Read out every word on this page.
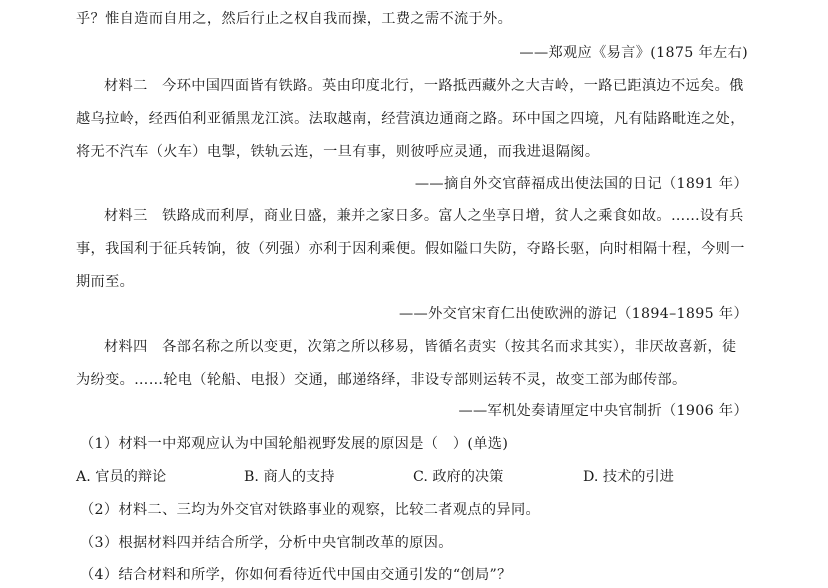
乎？惟自造而自用之，然后行止之权自我而操，工费之需不流于外。
——郑观应《易言》(1875 年左右)
材料二　今环中国四面皆有铁路。英由印度北行，一路抵西藏外之大吉岭，一路已距滇边不远矣。俄
越乌拉岭，经西伯利亚循黑龙江滨。法取越南，经营滇边通商之路。环中国之四境，凡有陆路毗连之处，
将无不汽车（火车）电掣，铁轨云连，一旦有事，则彼呼应灵通，而我进退隔阂。
——摘自外交官薛福成出使法国的日记（1891 年）
材料三　铁路成而利厚，商业日盛，兼并之家日多。富人之坐享日增，贫人之乘食如故。……设有兵
事，我国利于征兵转饷，彼（列强）亦利于因利乘便。假如隘口失防，夺路长驱，向时相隔十程，今则一
期而至。
——外交官宋育仁出使欧洲的游记（1894–1895 年）
材料四　各部名称之所以变更，次第之所以移易，皆循名责实（按其名而求其实），非厌故喜新，徒
为纷变。……轮电（轮船、电报）交通，邮递络绎，非设专部则运转不灵，故变工部为邮传部。
——军机处奏请厘定中央官制折（1906 年）
（1）材料一中郑观应认为中国轮船视野发展的原因是（　）(单选)
A. 官员的辩论	B. 商人的支持	C. 政府的决策	D. 技术的引进
（2）材料二、三均为外交官对铁路事业的观察，比较二者观点的异同。
（3）根据材料四并结合所学，分析中央官制改革的原因。
（4）结合材料和所学，你如何看待近代中国由交通引发的“创局”？
